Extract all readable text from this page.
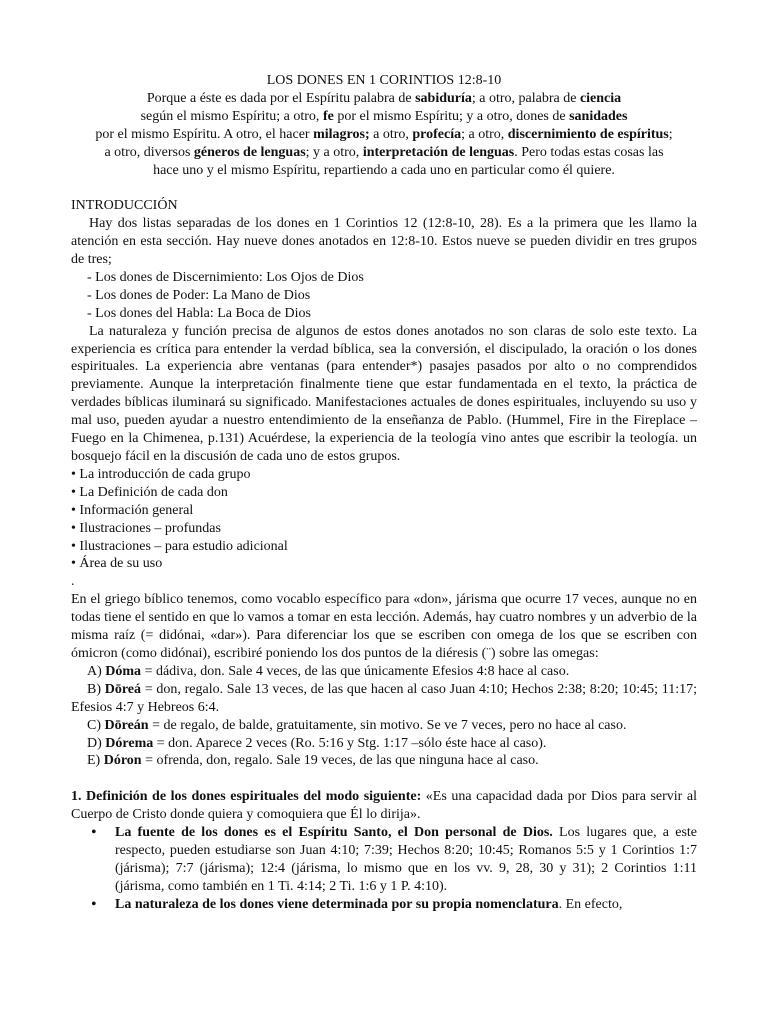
LOS DONES EN 1 CORINTIOS 12:8-10
Porque a éste es dada por el Espíritu palabra de sabiduría; a otro, palabra de ciencia
según el mismo Espíritu; a otro, fe por el mismo Espíritu; y a otro, dones de sanidades
por el mismo Espíritu. A otro, el hacer milagros; a otro, profecía; a otro, discernimiento de espíritus;
a otro, diversos géneros de lenguas; y a otro, interpretación de lenguas. Pero todas estas cosas las
hace uno y el mismo Espíritu, repartiendo a cada uno en particular como él quiere.

INTRODUCCIÓN

Hay dos listas separadas de los dones en 1 Corintios 12 (12:8-10, 28). Es a la primera que les llamo la atención en esta sección. Hay nueve dones anotados en 12:8-10. Estos nueve se pueden dividir en tres grupos de tres;

- Los dones de Discernimiento: Los Ojos de Dios

- Los dones de Poder: La Mano de Dios

- Los dones del Habla: La Boca de Dios

La naturaleza y función precisa de algunos de estos dones anotados no son claras de solo este texto. La experiencia es crítica para entender la verdad bíblica, sea la conversión, el discipulado, la oración o los dones espirituales. La experiencia abre ventanas (para entender*) pasajes pasados por alto o no comprendidos previamente. Aunque la interpretación finalmente tiene que estar fundamentada en el texto, la práctica de verdades bíblicas iluminará su significado. Manifestaciones actuales de dones espirituales, incluyendo su uso y mal uso, pueden ayudar a nuestro entendimiento de la enseñanza de Pablo. (Hummel, Fire in the Fireplace – Fuego en la Chimenea, p.131) Acuérdese, la experiencia de la teología vino antes que escribir la teología. un bosquejo fácil en la discusión de cada uno de estos grupos.

• La introducción de cada grupo

• La Definición de cada don

• Información general

• Ilustraciones – profundas

• Ilustraciones – para estudio adicional

• Área de su uso

.

En el griego bíblico tenemos, como vocablo específico para «don», járisma que ocurre 17 veces, aunque no en todas tiene el sentido en que lo vamos a tomar en esta lección. Además, hay cuatro nombres y un adverbio de la misma raíz (= didónai, «dar»). Para diferenciar los que se escriben con omega de los que se escriben con ómicron (como didónai), escribiré poniendo los dos puntos de la diéresis (¨) sobre las omegas:

A) Dóma = dádiva, don. Sale 4 veces, de las que únicamente Efesios 4:8 hace al caso.

B) Dōreá = don, regalo. Sale 13 veces, de las que hacen al caso Juan 4:10; Hechos 2:38; 8:20; 10:45; 11:17; Efesios 4:7 y Hebreos 6:4.

C) Dōreán = de regalo, de balde, gratuitamente, sin motivo. Se ve 7 veces, pero no hace al caso.

D) Dórema = don. Aparece 2 veces (Ro. 5:16 y Stg. 1:17 –sólo éste hace al caso).

E) Dóron = ofrenda, don, regalo. Sale 19 veces, de las que ninguna hace al caso.

1. Definición de los dones espirituales del modo siguiente: «Es una capacidad dada por Dios para servir al Cuerpo de Cristo donde quiera y comoquiera que Él lo dirija».

• La fuente de los dones es el Espíritu Santo, el Don personal de Dios. Los lugares que, a este respecto, pueden estudiarse son Juan 4:10; 7:39; Hechos 8:20; 10:45; Romanos 5:5 y 1 Corintios 1:7 (járisma); 7:7 (járisma); 12:4 (járisma, lo mismo que en los vv. 9, 28, 30 y 31); 2 Corintios 1:11 (járisma, como también en 1 Ti. 4:14; 2 Ti. 1:6 y 1 P. 4:10).
• La naturaleza de los dones viene determinada por su propia nomenclatura. En efecto,
